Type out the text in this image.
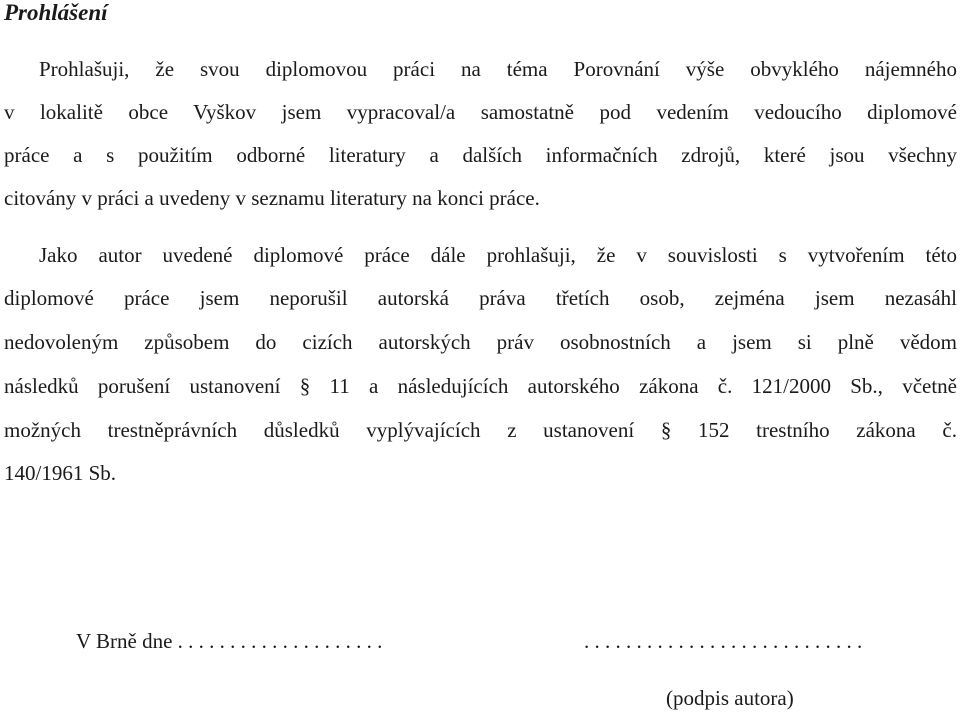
Prohlášení
Prohlašuji, že svou diplomovou práci na téma Porovnání výše obvyklého nájemného
v lokalitě obce Vyškov jsem vypracoval/a samostatně pod vedením vedoucího diplomové
práce a s použitím odborné literatury a dalších informačních zdrojů, které jsou všechny
citovány v práci a uvedeny v seznamu literatury na konci práce.
Jako autor uvedené diplomové práce dále prohlašuji, že v souvislosti s vytvořením této
diplomové práce jsem neporušil autorská práva třetích osob, zejména jsem nezasáhl
nedovoleným způsobem do cizích autorských práv osobnostních a jsem si plně vědom
následků porušení ustanovení § 11 a následujících autorského zákona č. 121/2000 Sb., včetně
možných trestněprávních důsledků vyplývajících z ustanovení § 152 trestního zákona č.
140/1961 Sb.
V Brně dne . . . . . . . . . . . . . . . . . . . .	. . . . . . . . . . . . . . . . . . . . . . . . . . .
(podpis autora)
